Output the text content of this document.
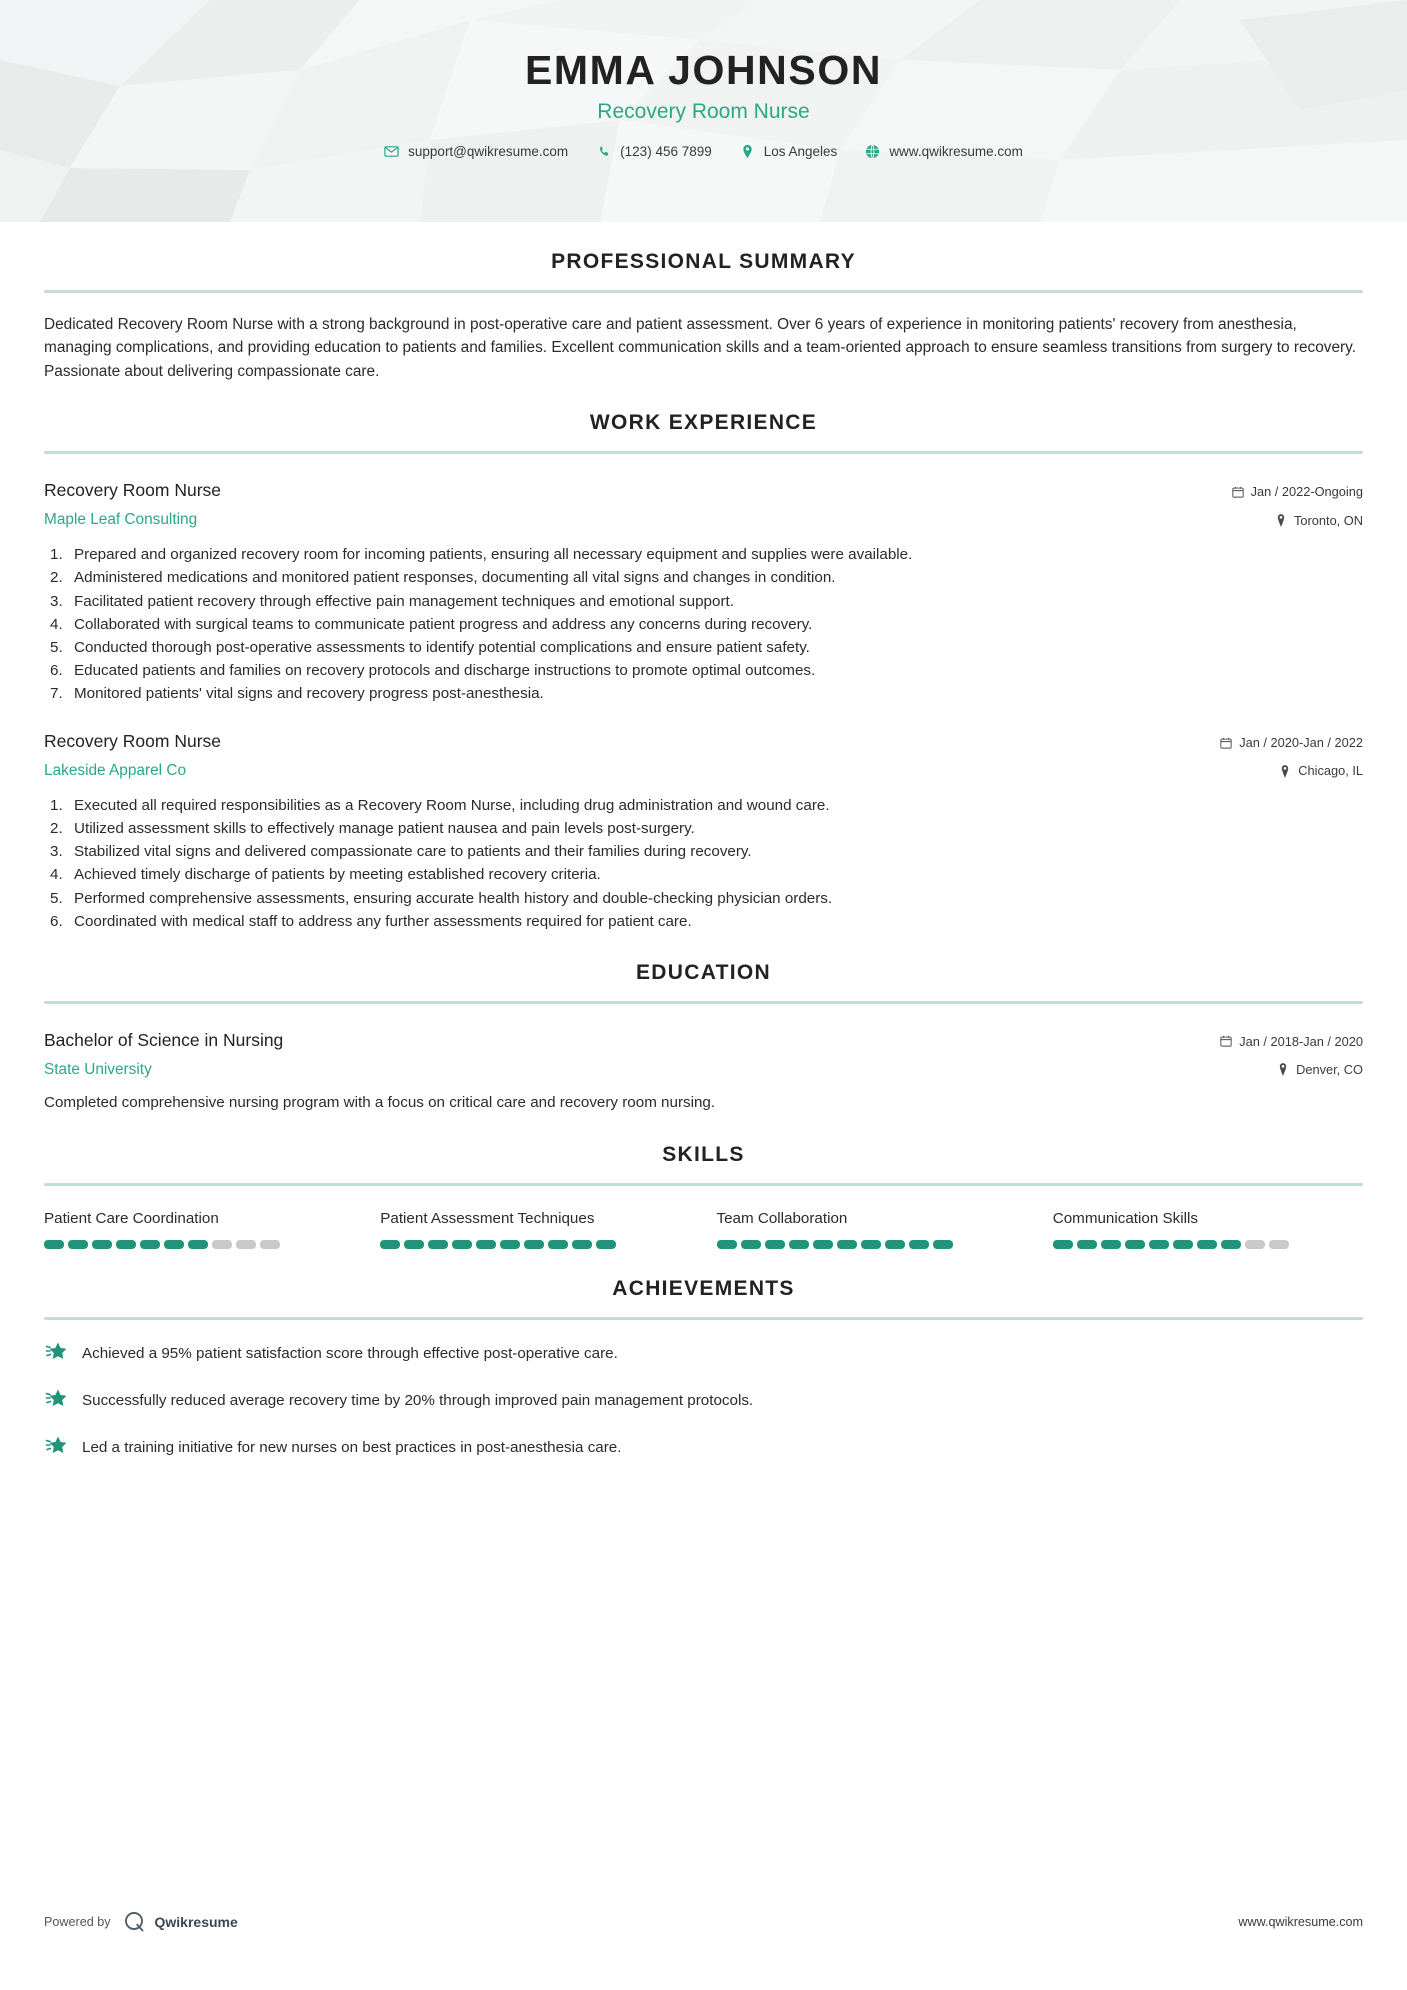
EMMA JOHNSON
Recovery Room Nurse
support@qwikresume.com	(123) 456 7899	Los Angeles	www.qwikresume.com
PROFESSIONAL SUMMARY

Dedicated Recovery Room Nurse with a strong background in post-operative care and patient assessment. Over 6 years of experience in monitoring patients' recovery from anesthesia, managing complications, and providing education to patients and families. Excellent communication skills and a team-oriented approach to ensure seamless transitions from surgery to recovery. Passionate about delivering compassionate care.

WORK EXPERIENCE
Recovery Room Nurse
Maple Leaf Consulting
Jan / 2022-Ongoing
Toronto, ON
Prepared and organized recovery room for incoming patients, ensuring all necessary equipment and supplies were available.
Administered medications and monitored patient responses, documenting all vital signs and changes in condition.
Facilitated patient recovery through effective pain management techniques and emotional support.
Collaborated with surgical teams to communicate patient progress and address any concerns during recovery.
Conducted thorough post-operative assessments to identify potential complications and ensure patient safety.
Educated patients and families on recovery protocols and discharge instructions to promote optimal outcomes.
Monitored patients' vital signs and recovery progress post-anesthesia.
Recovery Room Nurse
Lakeside Apparel Co
Jan / 2020-Jan / 2022
Chicago, IL
Executed all required responsibilities as a Recovery Room Nurse, including drug administration and wound care.
Utilized assessment skills to effectively manage patient nausea and pain levels post-surgery.
Stabilized vital signs and delivered compassionate care to patients and their families during recovery.
Achieved timely discharge of patients by meeting established recovery criteria.
Performed comprehensive assessments, ensuring accurate health history and double-checking physician orders.
Coordinated with medical staff to address any further assessments required for patient care.
EDUCATION
Bachelor of Science in Nursing
State University
Jan / 2018-Jan / 2020
Denver, CO
Completed comprehensive nursing program with a focus on critical care and recovery room nursing.
SKILLS
Patient Care Coordination	Patient Assessment Techniques	Team Collaboration	Communication Skills
ACHIEVEMENTS
Achieved a 95% patient satisfaction score through effective post-operative care.
Successfully reduced average recovery time by 20% through improved pain management protocols.
Led a training initiative for new nurses on best practices in post-anesthesia care.
Powered by	Qwikresume	www.qwikresume.com
